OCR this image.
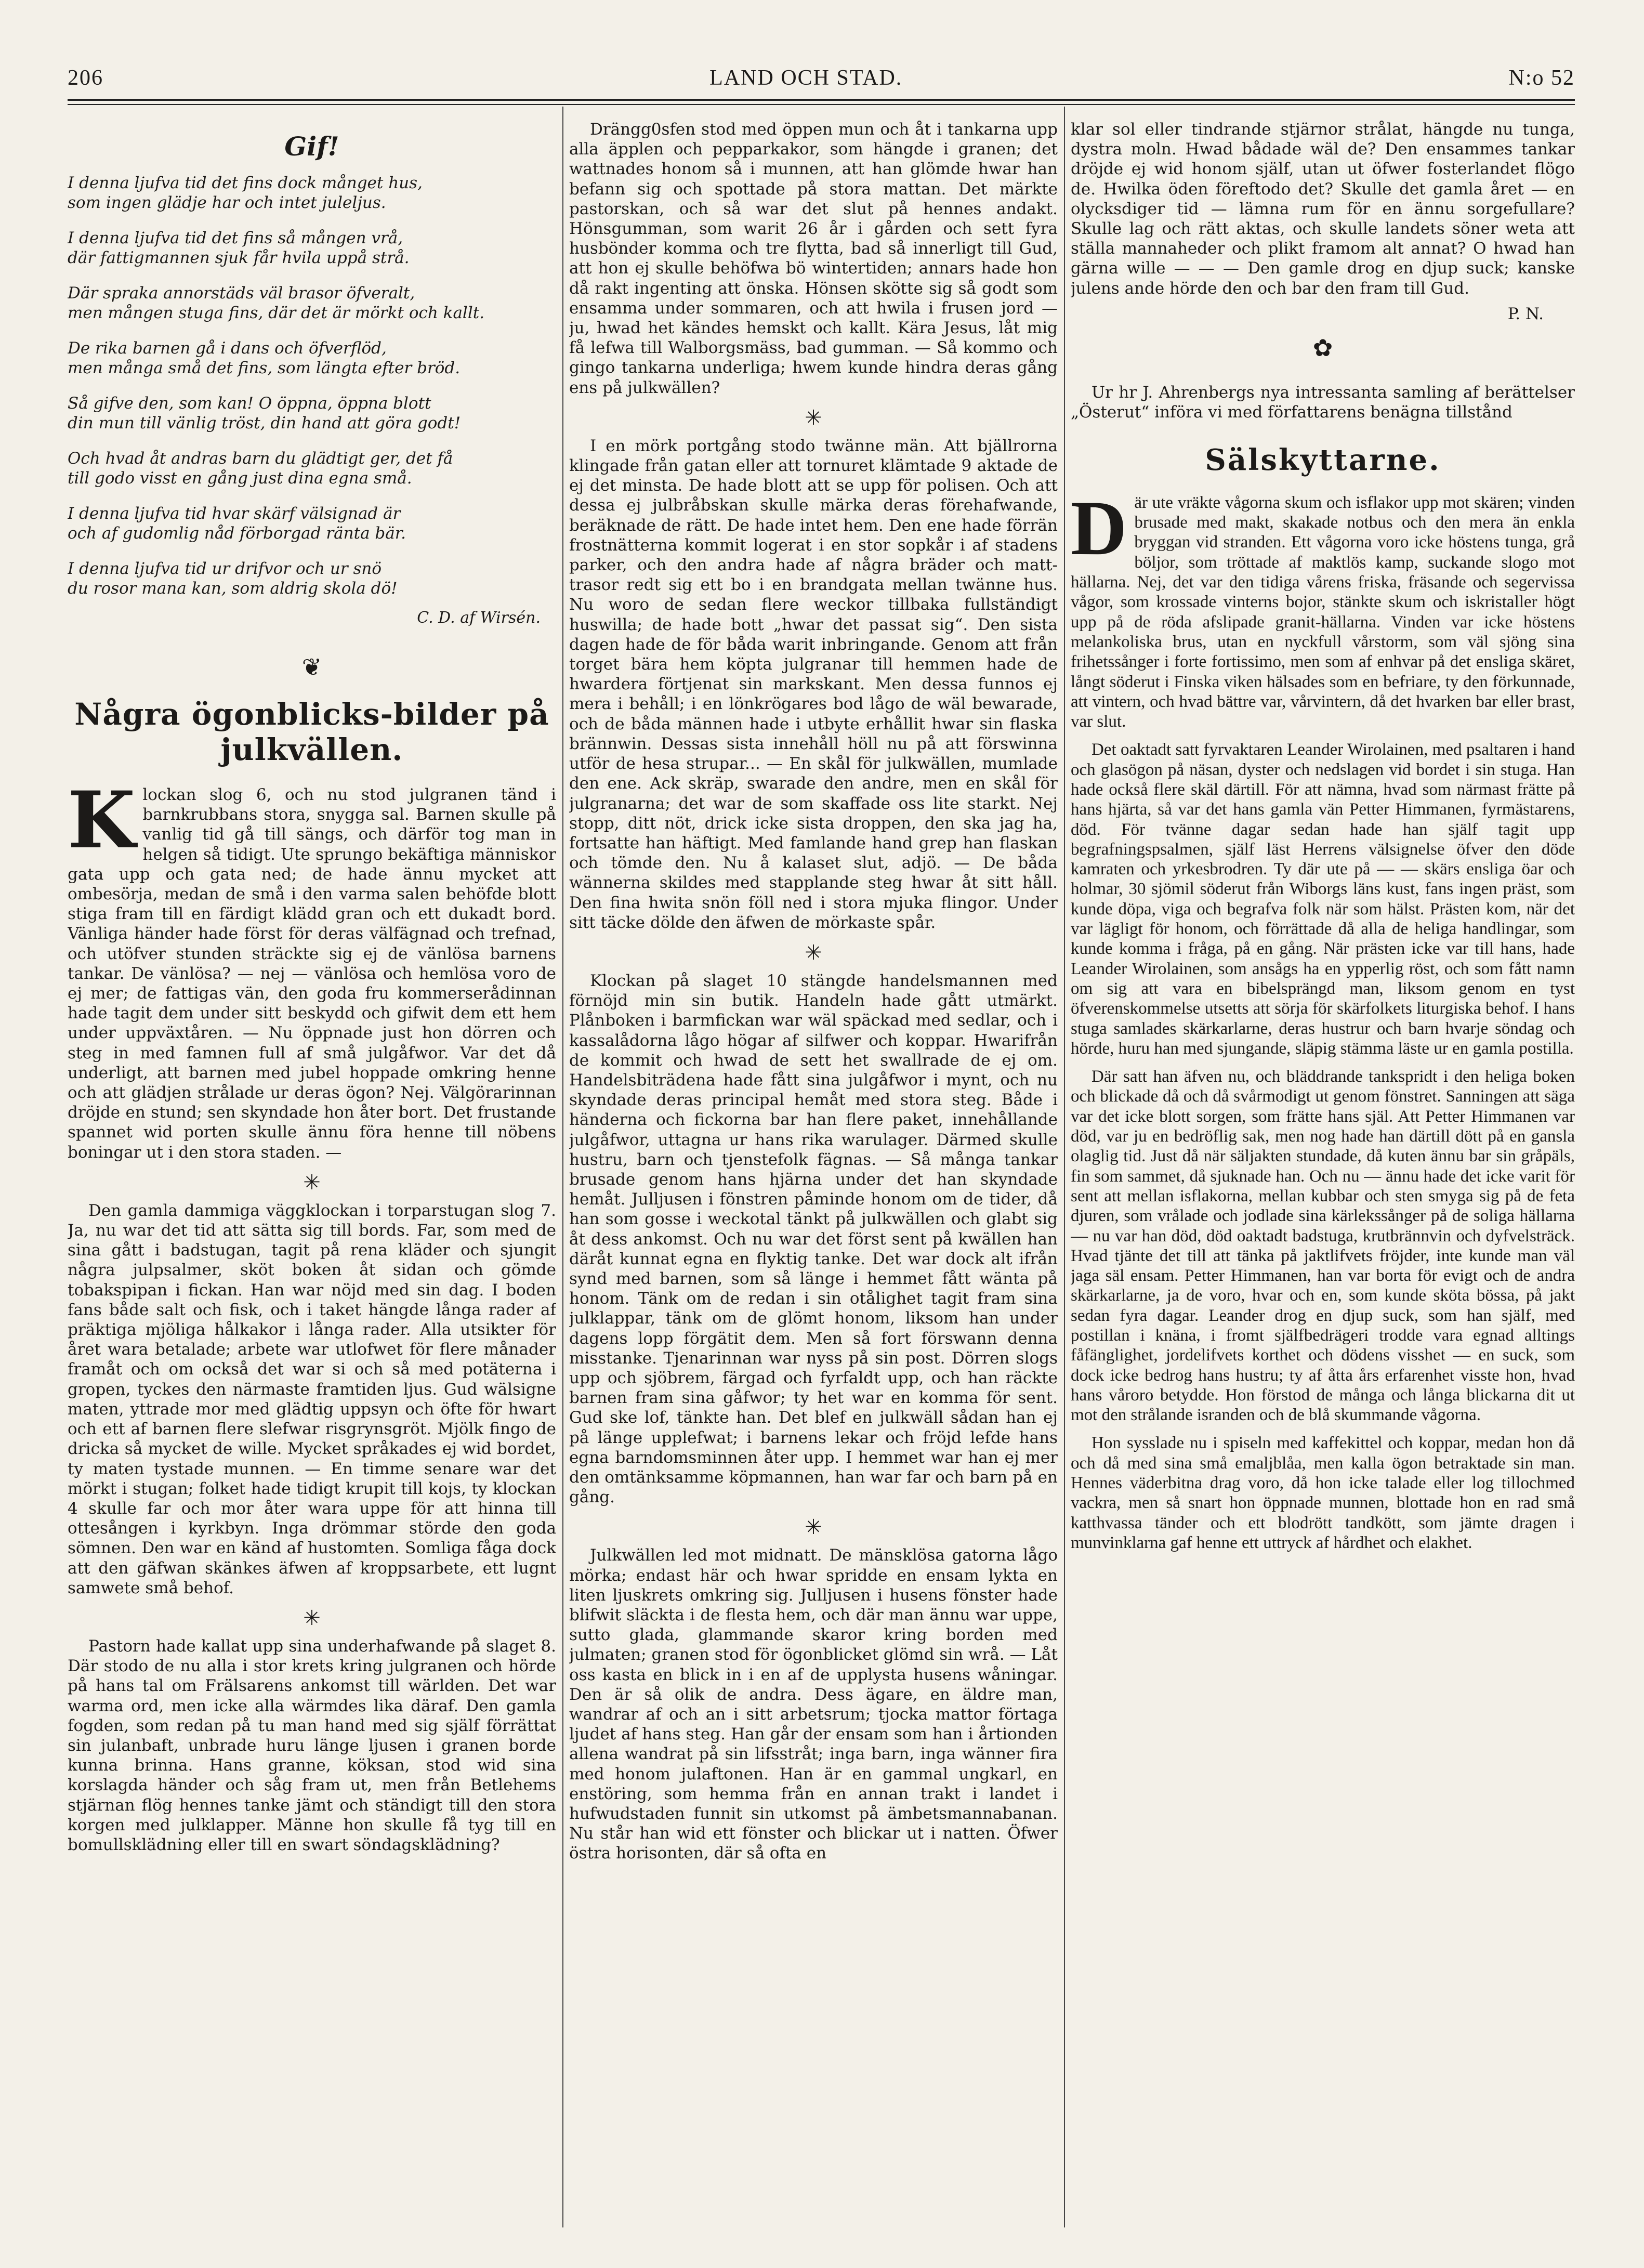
206	LAND OCH STAD.	N:o 52
Gif!
I denna ljufva tid det fins dock månget hus,
som ingen glädje har och intet juleljus.
I denna ljufva tid det fins så mången vrå,
där fattigmannen sjuk får hvila uppå strå.
Där spraka annorstäds väl brasor öfveralt,
men mången stuga fins, där det är mörkt och kallt.
De rika barnen gå i dans och öfverflöd,
men många små det fins, som längta efter bröd.
Så gifve den, som kan! O öppna, öppna blott
din mun till vänlig tröst, din hand att göra godt!
Och hvad åt andras barn du glädtigt ger, det få
till godo visst en gång just dina egna små.
I denna ljufva tid hvar skärf välsignad är
och af gudomlig nåd förborgad ränta bär.
I denna ljufva tid ur drifvor och ur snö
du rosor mana kan, som aldrig skola dö!
C. D. af Wirsén.
❦
Några ögonblicks-bilder på julkvällen.

Klockan slog 6, och nu stod julgranen tänd i barnkrubbans stora, snygga sal. Barnen skulle på vanlig tid gå till sängs, och därför tog man in helgen så tidigt. Ute sprungo bekäftiga människor gata upp och gata ned; de hade ännu mycket att ombesörja, medan de små i den varma salen behöfde blott stiga fram till en färdigt klädd gran och ett dukadt bord. Vänliga händer hade först för deras välfägnad och trefnad, och utöfver stunden sträckte sig ej de vänlösa barnens tankar. De vänlösa? — nej — vänlösa och hemlösa voro de ej mer; de fattigas vän, den goda fru kommerserådinnan hade tagit dem under sitt beskydd och gifwit dem ett hem under uppväxtåren. — Nu öppnade just hon dörren och steg in med famnen full af små julgåfwor. Var det då underligt, att barnen med jubel hoppade omkring henne och att glädjen strålade ur deras ögon? Nej. Välgörarinnan dröjde en stund; sen skyndade hon åter bort. Det frustande spannet wid porten skulle ännu föra henne till nöbens boningar ut i den stora staden. —

✳

Den gamla dammiga väggklockan i torparstugan slog 7. Ja, nu war det tid att sätta sig till bords. Far, som med de sina gått i badstugan, tagit på rena kläder och sjungit några julpsalmer, sköt boken åt sidan och gömde tobakspipan i fickan. Han war nöjd med sin dag. I boden fans både salt och fisk, och i taket hängde långa rader af präktiga mjöliga hålkakor i långa rader. Alla utsikter för året wara betalade; arbete war utlofwet för flere månader framåt och om också det war si och så med potäterna i gropen, tyckes den närmaste framtiden ljus. Gud wälsigne maten, yttrade mor med glädtig uppsyn och öfte för hwart och ett af barnen flere slefwar risgrynsgröt. Mjölk fingo de dricka så mycket de wille. Mycket språkades ej wid bordet, ty maten tystade munnen. — En timme senare war det mörkt i stugan; folket hade tidigt krupit till kojs, ty klockan 4 skulle far och mor åter wara uppe för att hinna till ottesången i kyrkbyn. Inga drömmar störde den goda sömnen. Den war en känd af hustomten. Somliga fåga dock att den gäfwan skänkes äfwen af kroppsarbete, ett lugnt samwete små behof.

✳

Pastorn hade kallat upp sina underhafwande på slaget 8. Där stodo de nu alla i stor krets kring julgranen och hörde på hans tal om Frälsarens ankomst till wärlden. Det war warma ord, men icke alla wärmdes lika däraf. Den gamla fogden, som redan på tu man hand med sig själf förrättat sin julanbaft, unbrade huru länge ljusen i granen borde kunna brinna. Hans granne, köksan, stod wid sina korslagda händer och såg fram ut, men från Betlehems stjärnan flög hennes tanke jämt och ständigt till den stora korgen med julklapper. Männe hon skulle få tyg till en bomullsklädning eller till en swart söndagsklädning?

Drängg0sfen stod med öppen mun och åt i tankarna upp alla äpplen och pepparkakor, som hängde i granen; det wattnades honom så i munnen, att han glömde hwar han befann sig och spottade på stora mattan. Det märkte pastorskan, och så war det slut på hennes andakt. Hönsgumman, som warit 26 år i gården och sett fyra husbönder komma och tre flytta, bad så innerligt till Gud, att hon ej skulle behöfwa bö wintertiden; annars hade hon då rakt ingenting att önska. Hönsen skötte sig så godt som ensamma under sommaren, och att hwila i frusen jord — ju, hwad het kändes hemskt och kallt. Kära Jesus, låt mig få lefwa till Walborgsmäss, bad gumman. — Så kommo och gingo tankarna underliga; hwem kunde hindra deras gång ens på julkwällen?

✳

I en mörk portgång stodo twänne män. Att bjällrorna klingade från gatan eller att tornuret klämtade 9 aktade de ej det minsta. De hade blott att se upp för polisen. Och att dessa ej julbråbskan skulle märka deras förehafwande, beräknade de rätt. De hade intet hem. Den ene hade förrän frostnätterna kommit logerat i en stor sopkår i af stadens parker, och den andra hade af några bräder och matt-trasor redt sig ett bo i en brandgata mellan twänne hus. Nu woro de sedan flere weckor tillbaka fullständigt huswilla; de hade bott „hwar det passat sig“. Den sista dagen hade de för båda warit inbringande. Genom att från torget bära hem köpta julgranar till hemmen hade de hwardera förtjenat sin markskant. Men dessa funnos ej mera i behåll; i en lönkrögares bod lågo de wäl bewarade, och de båda männen hade i utbyte erhållit hwar sin flaska brännwin. Dessas sista innehåll höll nu på att förswinna utför de hesa strupar... — En skål för julkwällen, mumlade den ene. Ack skräp, swarade den andre, men en skål för julgranarna; det war de som skaffade oss lite starkt. Nej stopp, ditt nöt, drick icke sista droppen, den ska jag ha, fortsatte han häftigt. Med famlande hand grep han flaskan och tömde den. Nu å kalaset slut, adjö. — De båda wännerna skildes med stapplande steg hwar åt sitt håll. Den fina hwita snön föll ned i stora mjuka flingor. Under sitt täcke dölde den äfwen de mörkaste spår.

✳

Klockan på slaget 10 stängde handelsmannen med förnöjd min sin butik. Handeln hade gått utmärkt. Plånboken i barmfickan war wäl späckad med sedlar, och i kassalådorna lågo högar af silfwer och koppar. Hwarifrån de kommit och hwad de sett het swallrade de ej om. Handelsbiträdena hade fått sina julgåfwor i mynt, och nu skyndade deras principal hemåt med stora steg. Både i händerna och fickorna bar han flere paket, innehållande julgåfwor, uttagna ur hans rika warulager. Därmed skulle hustru, barn och tjenstefolk fägnas. — Så många tankar brusade genom hans hjärna under det han skyndade hemåt. Julljusen i fönstren påminde honom om de tider, då han som gosse i weckotal tänkt på julkwällen och glabt sig åt dess ankomst. Och nu war det först sent på kwällen han däråt kunnat egna en flyktig tanke. Det war dock alt ifrån synd med barnen, som så länge i hemmet fått wänta på honom. Tänk om de redan i sin otålighet tagit fram sina julklappar, tänk om de glömt honom, liksom han under dagens lopp förgätit dem. Men så fort förswann denna misstanke. Tjenarinnan war nyss på sin post. Dörren slogs upp och sjöbrem, färgad och fyrfaldt upp, och han räckte barnen fram sina gåfwor; ty het war en komma för sent. Gud ske lof, tänkte han. Det blef en julkwäll sådan han ej på länge upplefwat; i barnens lekar och fröjd lefde hans egna barndomsminnen åter upp. I hemmet war han ej mer den omtänksamme köpmannen, han war far och barn på en gång.

✳

Julkwällen led mot midnatt. De mänsklösa gatorna lågo mörka; endast här och hwar spridde en ensam lykta en liten ljuskrets omkring sig. Julljusen i husens fönster hade blifwit släckta i de flesta hem, och där man ännu war uppe, sutto glada, glammande skaror kring borden med julmaten; granen stod för ögonblicket glömd sin wrå. — Låt oss kasta en blick in i en af de upplysta husens wåningar. Den är så olik de andra. Dess ägare, en äldre man, wandrar af och an i sitt arbetsrum; tjocka mattor förtaga ljudet af hans steg. Han går der ensam som han i årtionden allena wandrat på sin lifsstråt; inga barn, inga wänner fira med honom julaftonen. Han är en gammal ungkarl, en enstöring, som hemma från en annan trakt i landet i hufwudstaden funnit sin utkomst på ämbetsmannabanan. Nu står han wid ett fönster och blickar ut i natten. Öfwer östra horisonten, där så ofta en

klar sol eller tindrande stjärnor strålat, hängde nu tunga, dystra moln. Hwad bådade wäl de? Den ensammes tankar dröjde ej wid honom själf, utan ut öfwer fosterlandet flögo de. Hwilka öden föreftodo det? Skulle det gamla året — en olycksdiger tid — lämna rum för en ännu sorgefullare? Skulle lag och rätt aktas, och skulle landets söner weta att ställa mannaheder och plikt framom alt annat? O hwad han gärna wille — — — Den gamle drog en djup suck; kanske julens ande hörde den och bar den fram till Gud.

P. N.
✿
Ur hr J. Ahrenbergs nya intressanta samling af berättelser „Österut“ införa vi med författarens benägna tillstånd
Sälskyttarne.

Där ute vräkte vågorna skum och isflakor upp mot skären; vinden brusade med makt, skakade notbus och den mera än enkla bryggan vid stranden. Ett vågorna voro icke höstens tunga, grå böljor, som tröttade af maktlös kamp, suckande slogo mot hällarna. Nej, det var den tidiga vårens friska, fräsande och segervissa vågor, som krossade vinterns bojor, stänkte skum och iskristaller högt upp på de röda afslipade granit-hällarna. Vinden var icke höstens melankoliska brus, utan en nyckfull vårstorm, som väl sjöng sina frihetssånger i forte fortissimo, men som af enhvar på det ensliga skäret, långt söderut i Finska viken hälsades som en befriare, ty den förkunnade, att vintern, och hvad bättre var, vårvintern, då det hvarken bar eller brast, var slut.

Det oaktadt satt fyrvaktaren Leander Wirolainen, med psaltaren i hand och glasögon på näsan, dyster och nedslagen vid bordet i sin stuga. Han hade också flere skäl därtill. För att nämna, hvad som närmast frätte på hans hjärta, så var det hans gamla vän Petter Himmanen, fyrmästarens, död. För tvänne dagar sedan hade han själf tagit upp begrafningspsalmen, själf läst Herrens välsignelse öfver den döde kamraten och yrkesbrodren. Ty där ute på — — skärs ensliga öar och holmar, 30 sjömil söderut från Wiborgs läns kust, fans ingen präst, som kunde döpa, viga och begrafva folk när som hälst. Prästen kom, när det var lägligt för honom, och förrättade då alla de heliga handlingar, som kunde komma i fråga, på en gång. När prästen icke var till hans, hade Leander Wirolainen, som ansågs ha en ypperlig röst, och som fått namn om sig att vara en bibelsprängd man, liksom genom en tyst öfverenskommelse utsetts att sörja för skärfolkets liturgiska behof. I hans stuga samlades skärkarlarne, deras hustrur och barn hvarje söndag och hörde, huru han med sjungande, släpig stämma läste ur en gamla postilla.

Där satt han äfven nu, och bläddrande tankspridt i den heliga boken och blickade då och då svårmodigt ut genom fönstret. Sanningen att säga var det icke blott sorgen, som frätte hans själ. Att Petter Himmanen var död, var ju en bedröflig sak, men nog hade han därtill dött på en gansla olaglig tid. Just då när säljakten stundade, då kuten ännu bar sin gråpäls, fin som sammet, då sjuknade han. Och nu — ännu hade det icke varit för sent att mellan isflakorna, mellan kubbar och sten smyga sig på de feta djuren, som vrålade och jodlade sina kärlekssånger på de soliga hällarna — nu var han död, död oaktadt badstuga, krutbrännvin och dyfvelsträck. Hvad tjänte det till att tänka på jaktlifvets fröjder, inte kunde man väl jaga säl ensam. Petter Himmanen, han var borta för evigt och de andra skärkarlarne, ja de voro, hvar och en, som kunde sköta bössa, på jakt sedan fyra dagar. Leander drog en djup suck, som han själf, med postillan i knäna, i fromt själfbedrägeri trodde vara egnad alltings fåfänglighet, jordelifvets korthet och dödens visshet — en suck, som dock icke bedrog hans hustru; ty af åtta års erfarenhet visste hon, hvad hans våroro betydde. Hon förstod de många och långa blickarna dit ut mot den strålande isranden och de blå skummande vågorna.

Hon sysslade nu i spiseln med kaffekittel och koppar, medan hon då och då med sina små emaljblåa, men kalla ögon betraktade sin man. Hennes väderbitna drag voro, då hon icke talade eller log tillochmed vackra, men så snart hon öppnade munnen, blottade hon en rad små katthvassa tänder och ett blodrött tandkött, som jämte dragen i munvinklarna gaf henne ett uttryck af hårdhet och elakhet.
